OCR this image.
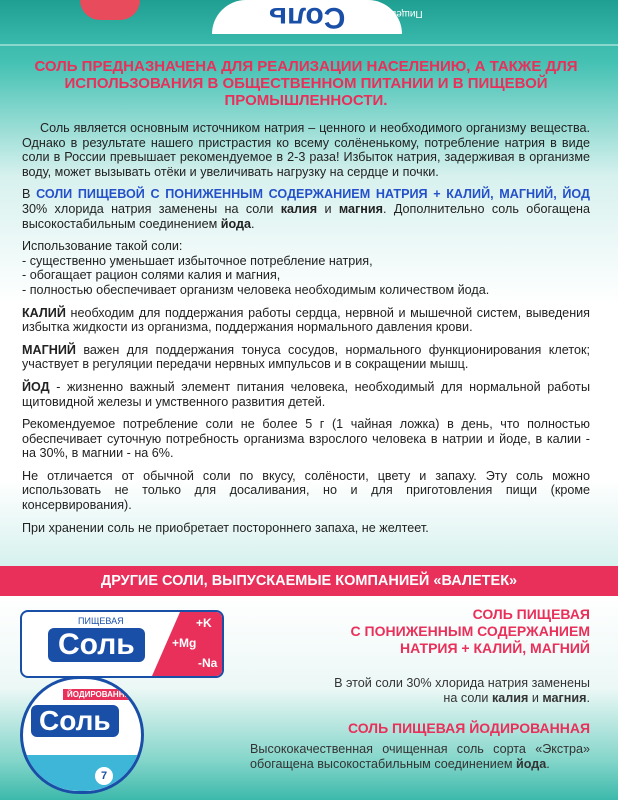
Соль	Пищевая
СОЛЬ ПРЕДНАЗНАЧЕНА ДЛЯ РЕАЛИЗАЦИИ НАСЕЛЕНИЮ, А ТАКЖЕ ДЛЯ ИСПОЛЬЗОВАНИЯ В ОБЩЕСТВЕННОМ ПИТАНИИ И В ПИЩЕВОЙ ПРОМЫШЛЕННОСТИ.
Соль является основным источником натрия – ценного и необходимого организму вещества. Однако в результате нашего пристрастия ко всему солёненькому, потребление натрия в виде соли в России превышает рекомендуемое в 2-3 раза! Избыток натрия, задерживая в организме воду, может вызывать отёки и увеличивать нагрузку на сердце и почки.
В СОЛИ ПИЩЕВОЙ С ПОНИЖЕННЫМ СОДЕРЖАНИЕМ НАТРИЯ + КАЛИЙ, МАГНИЙ, ЙОД 30% хлорида натрия заменены на соли калия и магния. Дополнительно соль обогащена высокостабильным соединением йода.
Использование такой соли:
- существенно уменьшает избыточное потребление натрия,
- обогащает рацион солями калия и магния,
- полностью обеспечивает организм человека необходимым количеством йода.
КАЛИЙ необходим для поддержания работы сердца, нервной и мышечной систем, выведения избытка жидкости из организма, поддержания нормального давления крови.
МАГНИЙ важен для поддержания тонуса сосудов, нормального функционирования клеток; участвует в регуляции передачи нервных импульсов и в сокращении мышц.
ЙОД - жизненно важный элемент питания человека, необходимый для нормальной работы щитовидной железы и умственного развития детей.
Рекомендуемое потребление соли не более 5 г (1 чайная ложка) в день, что полностью обеспечивает суточную потребность организма взрослого человека в натрии и йоде, в калии - на 30%, в магнии - на 6%.
Не отличается от обычной соли по вкусу, солёности, цвету и запаху. Эту соль можно использовать не только для досаливания, но и для приготовления пищи (кроме консервирования).
При хранении соль не приобретает постороннего запаха, не желтеет.
ДРУГИЕ СОЛИ, ВЫПУСКАЕМЫЕ КОМПАНИЕЙ «ВАЛЕТЕК»
ПИЩЕВАЯ
Соль
+K
+Mg
-Na
ЙОДИРОВАННАЯ
Соль
7
СОЛЬ ПИЩЕВАЯ
С ПОНИЖЕННЫМ СОДЕРЖАНИЕМ
НАТРИЯ + КАЛИЙ, МАГНИЙ
В этой соли 30% хлорида натрия заменены
на соли калия и магния.
СОЛЬ ПИЩЕВАЯ ЙОДИРОВАННАЯ
Высококачественная очищенная соль сорта «Экстра» обогащена высокостабильным соединением йода.
